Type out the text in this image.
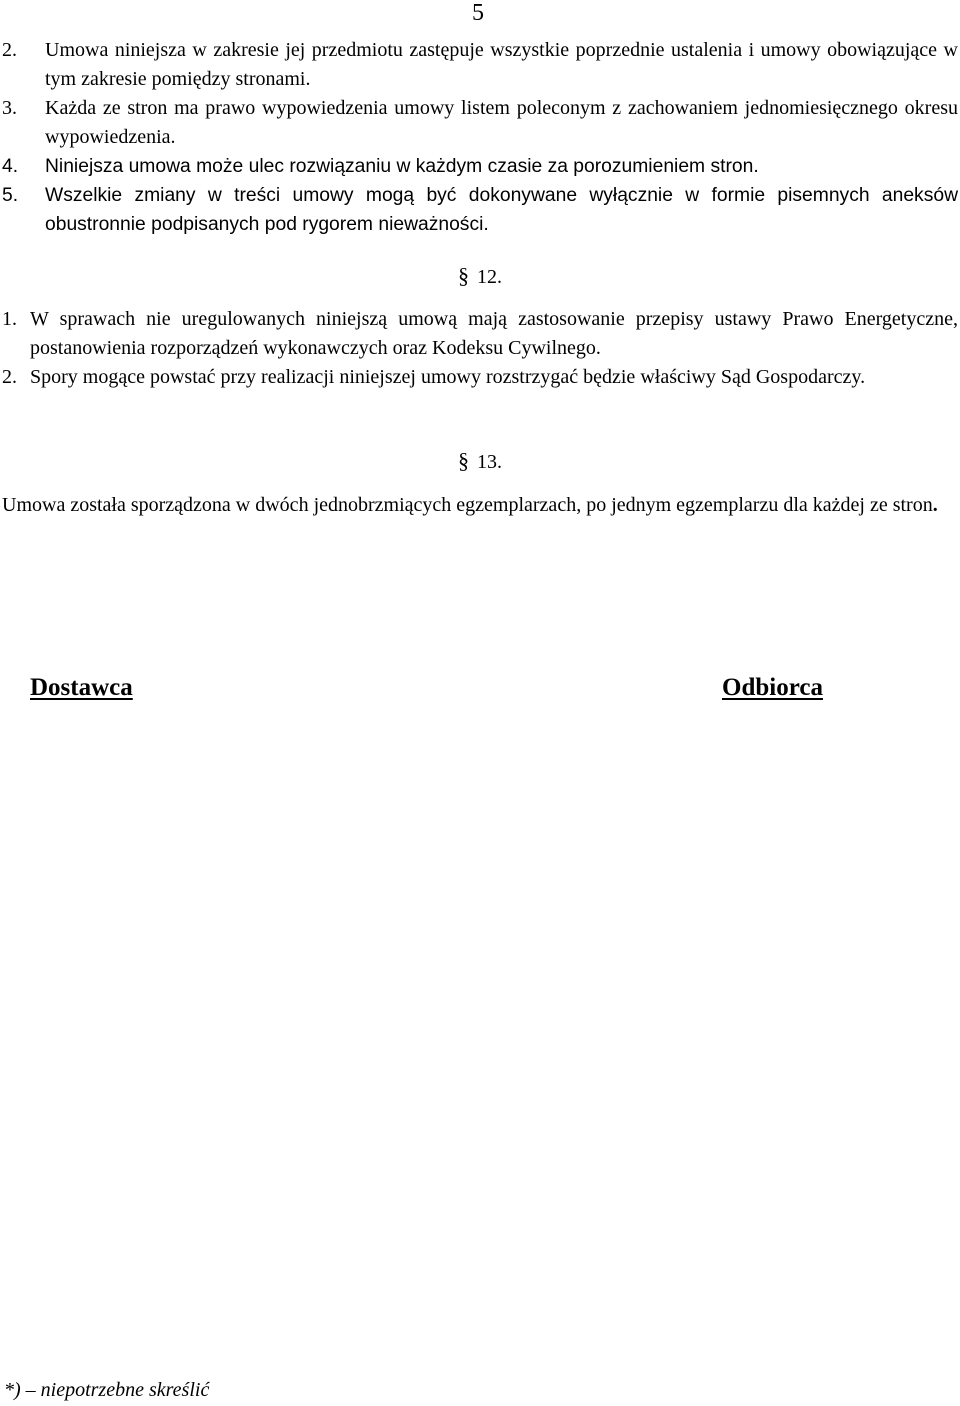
5
2. Umowa niniejsza w zakresie jej przedmiotu zastępuje wszystkie poprzednie ustalenia i umowy obowiązujące w tym zakresie pomiędzy stronami.
3. Każda ze stron ma prawo wypowiedzenia umowy listem poleconym z zachowaniem jednomiesięcznego okresu wypowiedzenia.
4. Niniejsza umowa może ulec rozwiązaniu w każdym czasie za porozumieniem stron.
5. Wszelkie zmiany w treści umowy mogą być dokonywane wyłącznie w formie pisemnych aneksów obustronnie podpisanych pod rygorem nieważności.
§ 12.
1. W sprawach nie uregulowanych niniejszą umową mają zastosowanie przepisy ustawy Prawo Energetyczne, postanowienia rozporządzeń wykonawczych oraz Kodeksu Cywilnego.
2. Spory mogące powstać przy realizacji niniejszej umowy rozstrzygać będzie właściwy Sąd Gospodarczy.
§ 13.
Umowa została sporządzona w dwóch jednobrzmiących egzemplarzach, po jednym egzemplarzu dla każdej ze stron.
Dostawca	Odbiorca
*) – niepotrzebne skreślić
